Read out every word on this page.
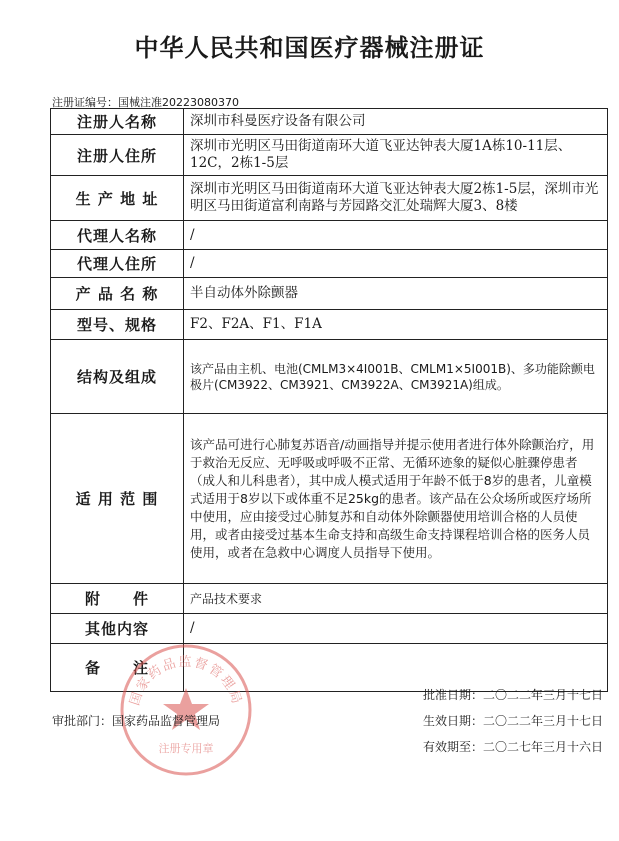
中华人民共和国医疗器械注册证
注册证编号：国械注准20223080370
注册人名称	深圳市科曼医疗设备有限公司
注册人住所	深圳市光明区马田街道南环大道飞亚达钟表大厦1A栋10-11层、12C，2栋1-5层
生 产 地 址	深圳市光明区马田街道南环大道飞亚达钟表大厦2栋1-5层，深圳市光明区马田街道富利南路与芳园路交汇处瑞辉大厦3、8楼
代理人名称	/
代理人住所	/
产 品 名 称	半自动体外除颤器
型号、规格	F2、F2A、F1、F1A
结构及组成	该产品由主机、电池(CMLM3×4I001B、CMLM1×5I001B)、多功能除颤电极片(CM3922、CM3921、CM3922A、CM3921A)组成。
适 用 范 围	该产品可进行心肺复苏语音/动画指导并提示使用者进行体外除颤治疗，用于救治无反应、无呼吸或呼吸不正常、无循环迹象的疑似心脏骤停患者（成人和儿科患者），其中成人模式适用于年龄不低于8岁的患者，儿童模式适用于8岁以下或体重不足25kg的患者。该产品在公众场所或医疗场所中使用，应由接受过心肺复苏和自动体外除颤器使用培训合格的人员使用，或者由接受过基本生命支持和高级生命支持课程培训合格的医务人员使用，或者在急救中心调度人员指导下使用。
附　　件	产品技术要求
其他内容	/
备　　注	
国家药品监督管理局
注册专用章
审批部门：国家药品监督管理局
批准日期：二〇二二年三月十七日
生效日期：二〇二二年三月十七日
有效期至：二〇二七年三月十六日
